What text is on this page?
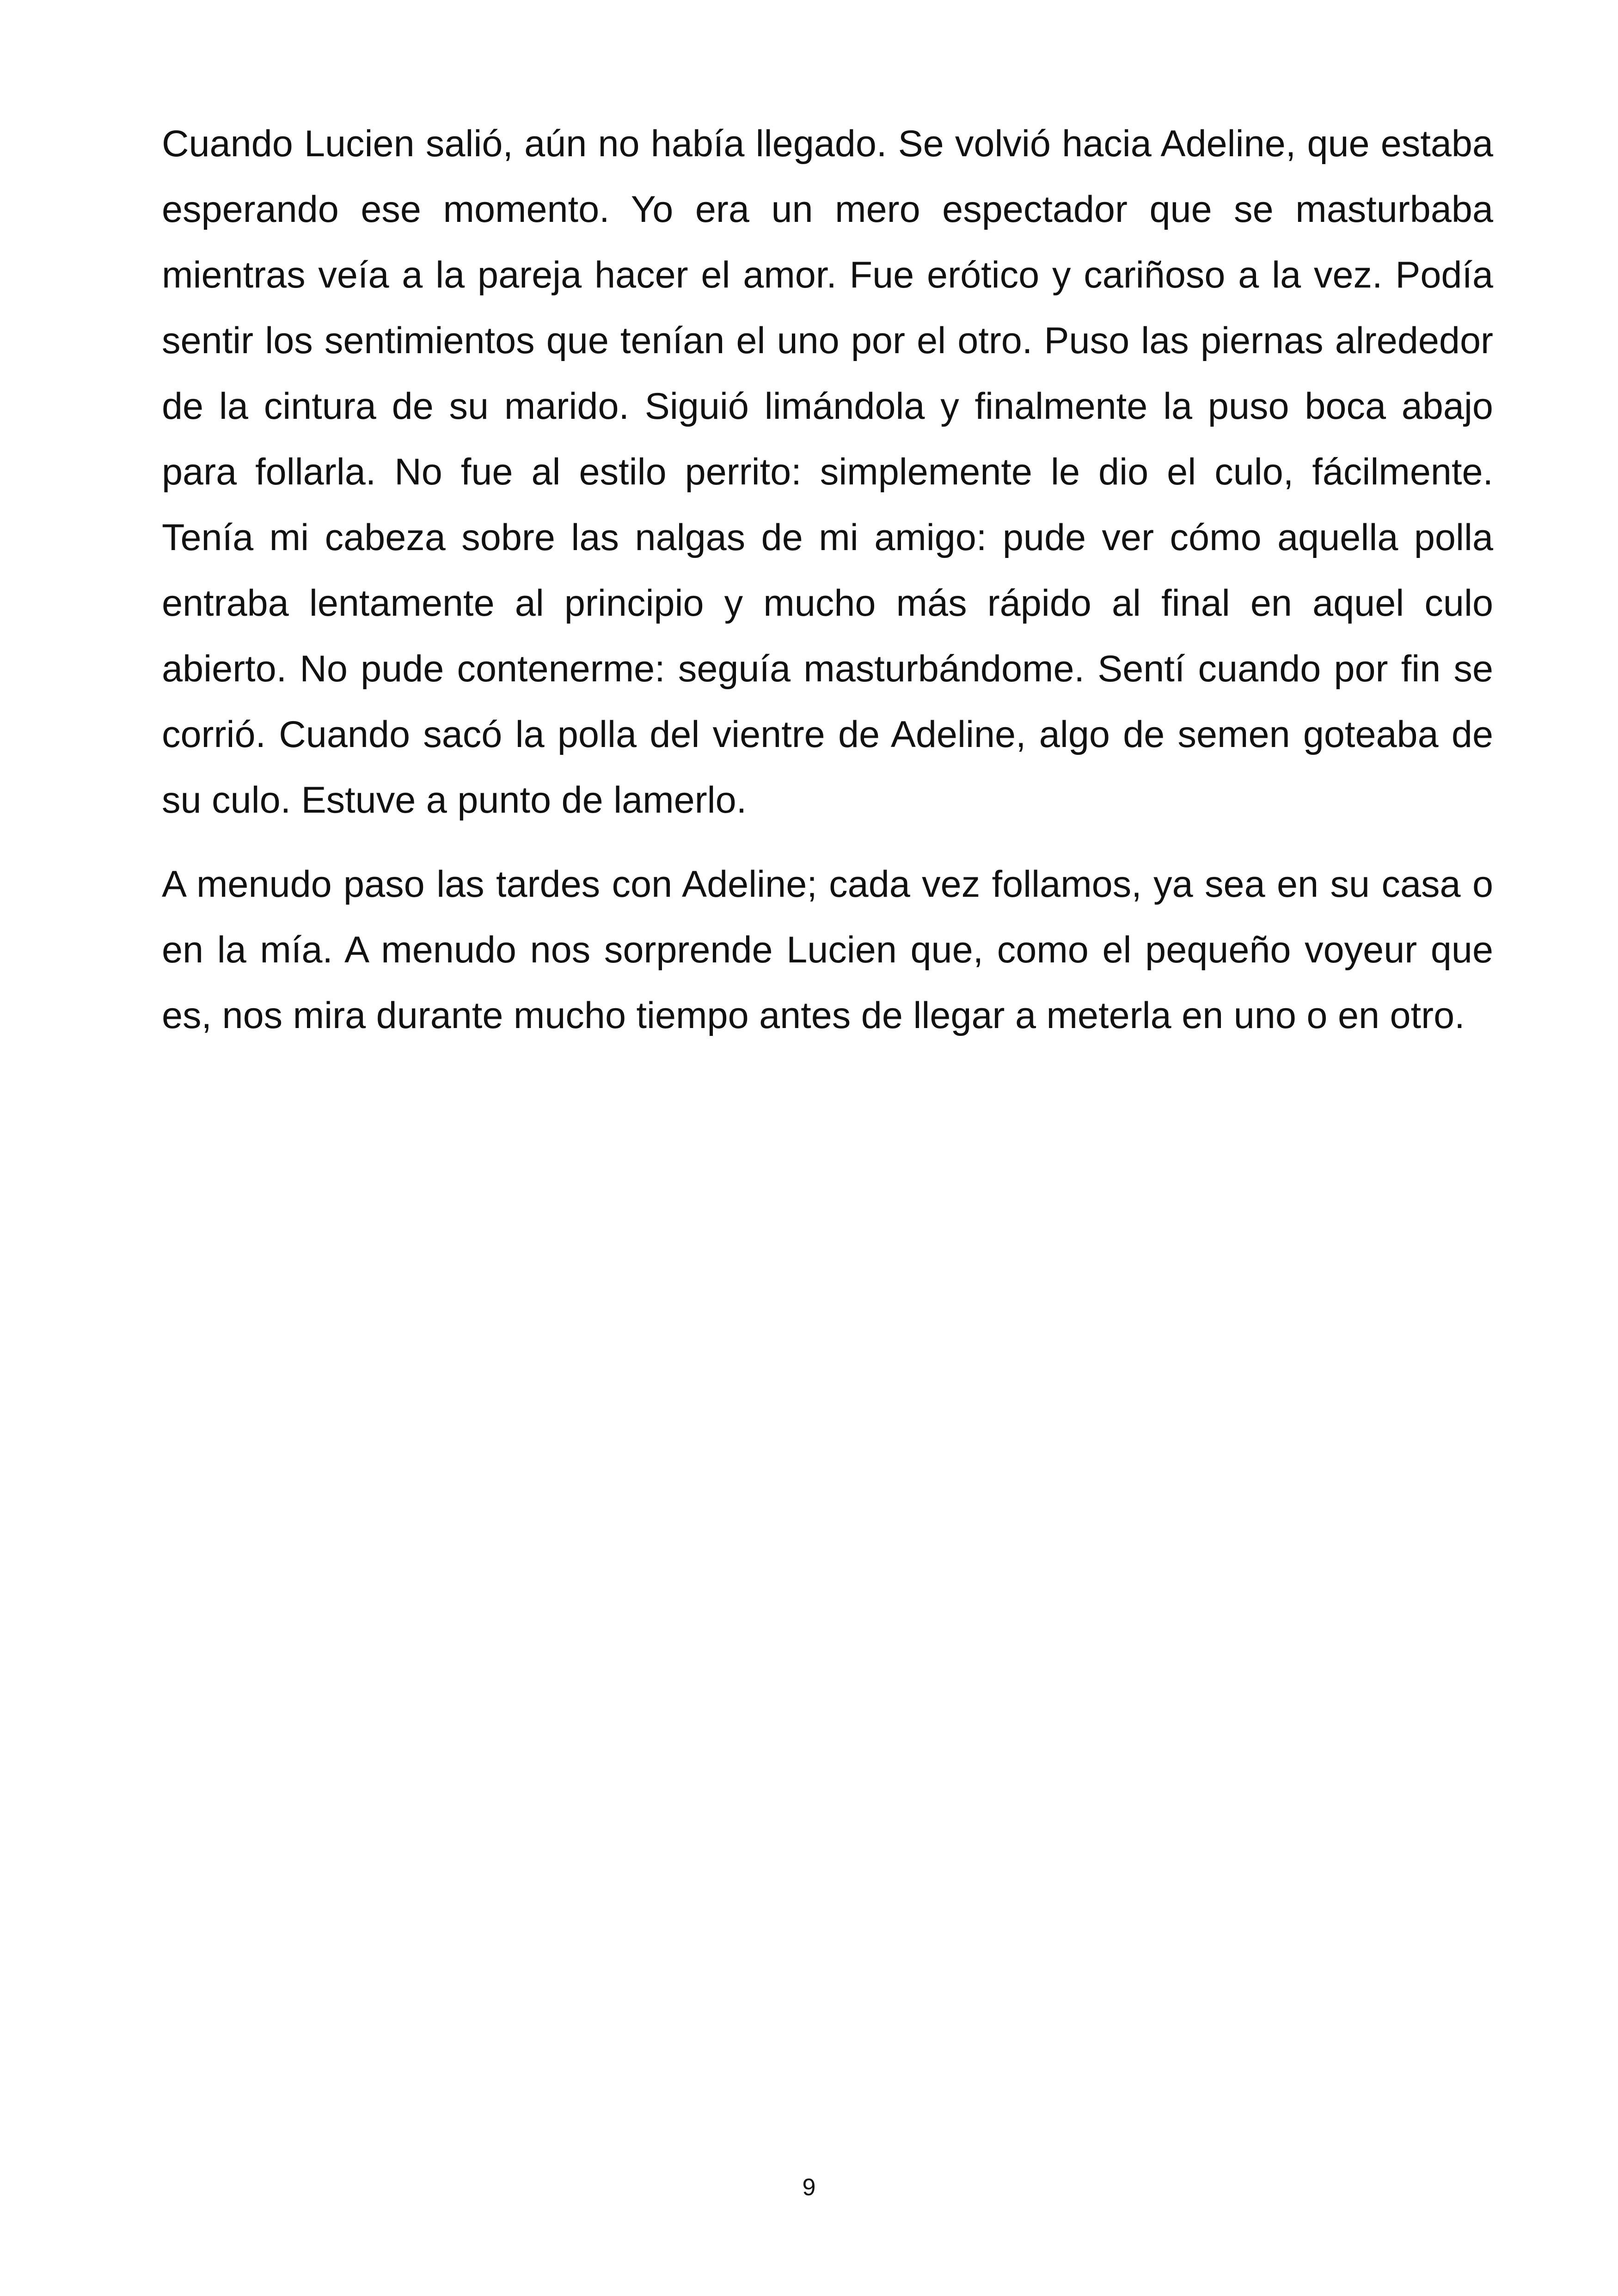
Cuando Lucien salió, aún no había llegado. Se volvió hacia Adeline, que estaba esperando ese momento. Yo era un mero espectador que se masturbaba mientras veía a la pareja hacer el amor. Fue erótico y cariñoso a la vez. Podía sentir los sentimientos que tenían el uno por el otro. Puso las piernas alrededor de la cintura de su marido. Siguió limándola y finalmente la puso boca abajo para follarla. No fue al estilo perrito: simplemente le dio el culo, fácilmente. Tenía mi cabeza sobre las nalgas de mi amigo: pude ver cómo aquella polla entraba lentamente al principio y mucho más rápido al final en aquel culo abierto. No pude contenerme: seguía masturbándome. Sentí cuando por fin se corrió. Cuando sacó la polla del vientre de Adeline, algo de semen goteaba de su culo. Estuve a punto de lamerlo.

A menudo paso las tardes con Adeline; cada vez follamos, ya sea en su casa o en la mía. A menudo nos sorprende Lucien que, como el pequeño voyeur que es, nos mira durante mucho tiempo antes de llegar a meterla en uno o en otro.

9
